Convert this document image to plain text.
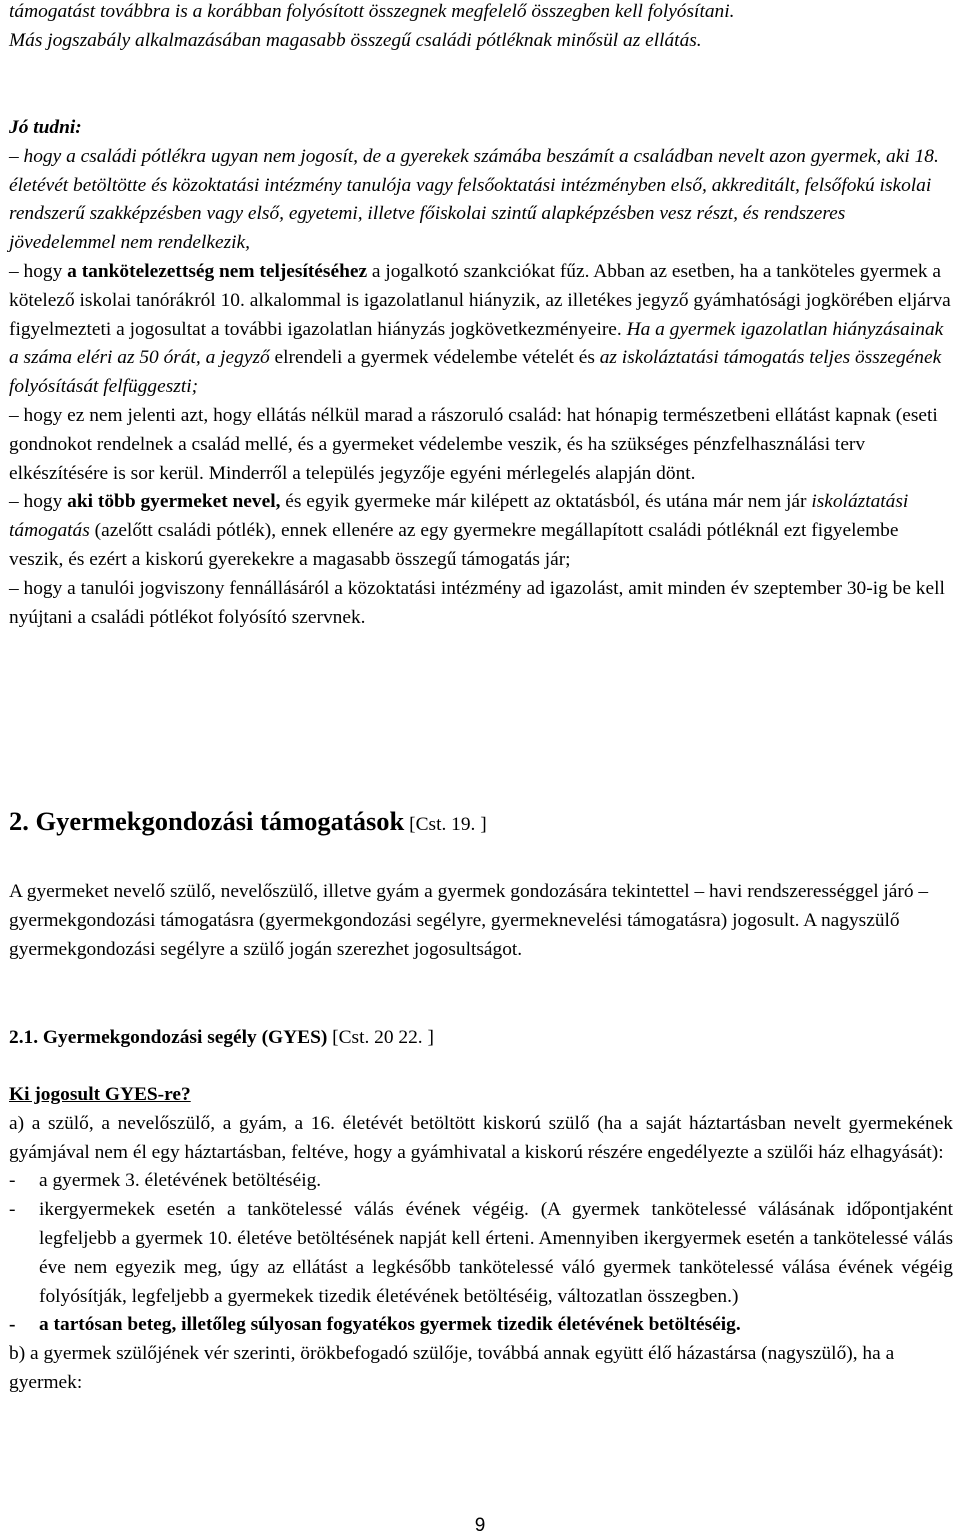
támogatást továbbra is a korábban folyósított összegnek megfelelő összegben kell folyósítani.

Más jogszabály alkalmazásában magasabb összegű családi pótléknak minősül az ellátás.

Jó tudni:

– hogy a családi pótlékra ugyan nem jogosít, de a gyerekek számába beszámít a családban nevelt azon gyermek, aki 18. életévét betöltötte és közoktatási intézmény tanulója vagy felsőoktatási intézményben első, akkreditált, felsőfokú iskolai rendszerű szakképzésben vagy első, egyetemi, illetve főiskolai szintű alapképzésben vesz részt, és rendszeres jövedelemmel nem rendelkezik,

– hogy a tankötelezettség nem teljesítéséhez a jogalkotó szankciókat fűz. Abban az esetben, ha a tanköteles gyermek a kötelező iskolai tanórákról 10. alkalommal is igazolatlanul hiányzik, az illetékes jegyző gyámhatósági jogkörében eljárva figyelmezteti a jogosultat a további igazolatlan hiányzás jogkövetkezményeire. Ha a gyermek igazolatlan hiányzásainak a száma eléri az 50 órát, a jegyző elrendeli a gyermek védelembe vételét és az iskoláztatási támogatás teljes összegének folyósítását felfüggeszti;

– hogy ez nem jelenti azt, hogy ellátás nélkül marad a rászoruló család: hat hónapig természetbeni ellátást kapnak (eseti gondnokot rendelnek a család mellé, és a gyermeket védelembe veszik, és ha szükséges pénzfelhasználási terv elkészítésére is sor kerül. Minderről a település jegyzője egyéni mérlegelés alapján dönt.

– hogy aki több gyermeket nevel, és egyik gyermeke már kilépett az oktatásból, és utána már nem jár iskoláztatási támogatás (azelőtt családi pótlék), ennek ellenére az egy gyermekre megállapított családi pótléknál ezt figyelembe veszik, és ezért a kiskorú gyerekekre a magasabb összegű támogatás jár;

– hogy a tanulói jogviszony fennállásáról a közoktatási intézmény ad igazolást, amit minden év szeptember 30-ig be kell nyújtani a családi pótlékot folyósító szervnek.

2. Gyermekgondozási támogatások [Cst. 19. ]

A gyermeket nevelő szülő, nevelőszülő, illetve gyám a gyermek gondozására tekintettel – havi rendszerességgel járó – gyermekgondozási támogatásra (gyermekgondozási segélyre, gyermeknevelési támogatásra) jogosult. A nagyszülő gyermekgondozási segélyre a szülő jogán szerezhet jogosultságot.

2.1. Gyermekgondozási segély (GYES) [Cst. 20 22. ]

Ki jogosult GYES-re?

a) a szülő, a nevelőszülő, a gyám, a 16. életévét betöltött kiskorú szülő (ha a saját háztartásban nevelt gyermekének gyámjával nem él egy háztartásban, feltéve, hogy a gyámhivatal a kiskorú részére engedélyezte a szülői ház elhagyását):

-	a gyermek 3. életévének betöltéséig.
-	ikergyermekek esetén a tankötelessé válás évének végéig. (A gyermek tankötelessé válásának időpontjaként legfeljebb a gyermek 10. életéve betöltésének napját kell érteni. Amennyiben ikergyermek esetén a tankötelessé válás éve nem egyezik meg, úgy az ellátást a legkésőbb tankötelessé váló gyermek tankötelessé válása évének végéig folyósítják, legfeljebb a gyermekek tizedik életévének betöltéséig, változatlan összegben.)
-	a tartósan beteg, illetőleg súlyosan fogyatékos gyermek tizedik életévének betöltéséig.

b) a gyermek szülőjének vér szerinti, örökbefogadó szülője, továbbá annak együtt élő házastársa (nagyszülő), ha a gyermek:

9
